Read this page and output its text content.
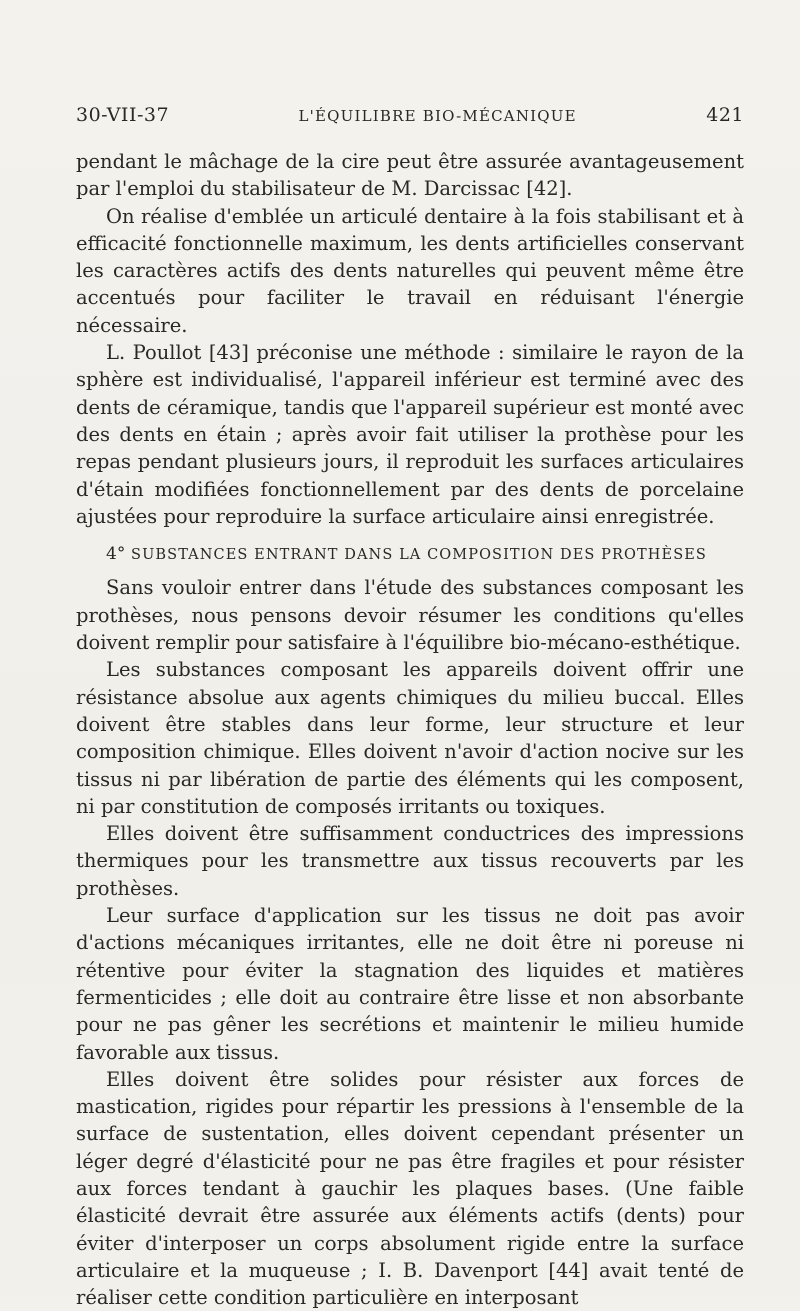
30-VII-37	L'ÉQUILIBRE BIO-MÉCANIQUE	421

pendant le mâchage de la cire peut être assurée avantageusement par l'emploi du stabilisateur de M. Darcissac [42].

On réalise d'emblée un articulé dentaire à la fois stabilisant et à efficacité fonctionnelle maximum, les dents artificielles conservant les caractères actifs des dents naturelles qui peuvent même être accentués pour faciliter le travail en réduisant l'énergie nécessaire.

L. Poullot [43] préconise une méthode : similaire le rayon de la sphère est individualisé, l'appareil inférieur est terminé avec des dents de céramique, tandis que l'appareil supérieur est monté avec des dents en étain ; après avoir fait utiliser la prothèse pour les repas pendant plusieurs jours, il reproduit les surfaces articulaires d'étain modifiées fonctionnellement par des dents de porcelaine ajustées pour reproduire la surface articulaire ainsi enregistrée.

4° SUBSTANCES ENTRANT DANS LA COMPOSITION DES PROTHÈSES

Sans vouloir entrer dans l'étude des substances composant les prothèses, nous pensons devoir résumer les conditions qu'elles doivent remplir pour satisfaire à l'équilibre bio-mécano-esthétique.

Les substances composant les appareils doivent offrir une résistance absolue aux agents chimiques du milieu buccal. Elles doivent être stables dans leur forme, leur structure et leur composition chimique. Elles doivent n'avoir d'action nocive sur les tissus ni par libération de partie des éléments qui les composent, ni par constitution de composés irritants ou toxiques.

Elles doivent être suffisamment conductrices des impressions thermiques pour les transmettre aux tissus recouverts par les prothèses.

Leur surface d'application sur les tissus ne doit pas avoir d'actions mécaniques irritantes, elle ne doit être ni poreuse ni rétentive pour éviter la stagnation des liquides et matières fermenticides ; elle doit au contraire être lisse et non absorbante pour ne pas gêner les secrétions et maintenir le milieu humide favorable aux tissus.

Elles doivent être solides pour résister aux forces de mastication, rigides pour répartir les pressions à l'ensemble de la surface de sustentation, elles doivent cependant présenter un léger degré d'élasticité pour ne pas être fragiles et pour résister aux forces tendant à gauchir les plaques bases. (Une faible élasticité devrait être assurée aux éléments actifs (dents) pour éviter d'interposer un corps absolument rigide entre la surface articulaire et la muqueuse ; I. B. Davenport [44] avait tenté de réaliser cette condition particulière en interposant
